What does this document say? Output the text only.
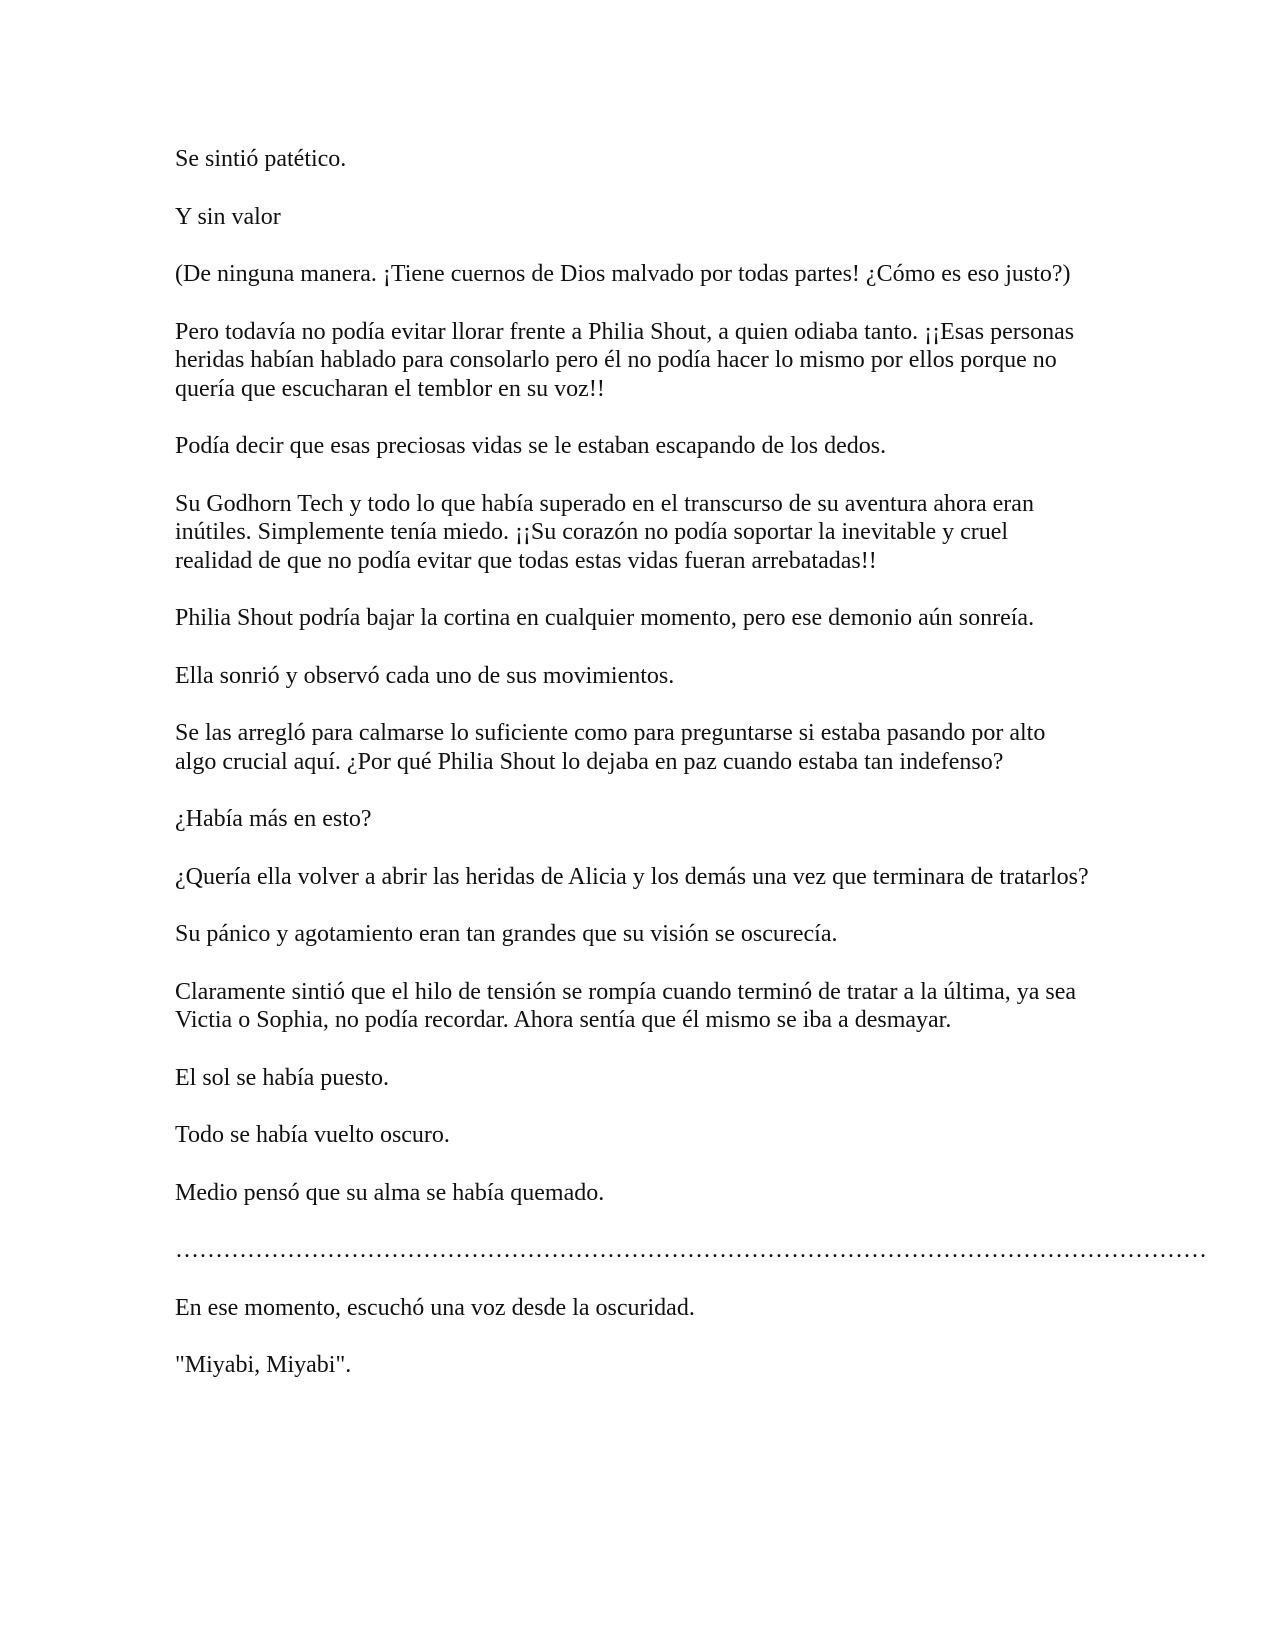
Se sintió patético.

Y sin valor

(De ninguna manera. ¡Tiene cuernos de Dios malvado por todas partes! ¿Cómo es eso justo?)

Pero todavía no podía evitar llorar frente a Philia Shout, a quien odiaba tanto. ¡¡Esas personas heridas habían hablado para consolarlo pero él no podía hacer lo mismo por ellos porque no quería que escucharan el temblor en su voz!!

Podía decir que esas preciosas vidas se le estaban escapando de los dedos.

Su Godhorn Tech y todo lo que había superado en el transcurso de su aventura ahora eran inútiles. Simplemente tenía miedo. ¡¡Su corazón no podía soportar la inevitable y cruel realidad de que no podía evitar que todas estas vidas fueran arrebatadas!!

Philia Shout podría bajar la cortina en cualquier momento, pero ese demonio aún sonreía.

Ella sonrió y observó cada uno de sus movimientos.

Se las arregló para calmarse lo suficiente como para preguntarse si estaba pasando por alto algo crucial aquí. ¿Por qué Philia Shout lo dejaba en paz cuando estaba tan indefenso?

¿Había más en esto?

¿Quería ella volver a abrir las heridas de Alicia y los demás una vez que terminara de tratarlos?

Su pánico y agotamiento eran tan grandes que su visión se oscurecía.

Claramente sintió que el hilo de tensión se rompía cuando terminó de tratar a la última, ya sea Victia o Sophia, no podía recordar. Ahora sentía que él mismo se iba a desmayar.

El sol se había puesto.

Todo se había vuelto oscuro.

Medio pensó que su alma se había quemado.

…………………………………………………………………………………………………………………

En ese momento, escuchó una voz desde la oscuridad.

"Miyabi, Miyabi".
